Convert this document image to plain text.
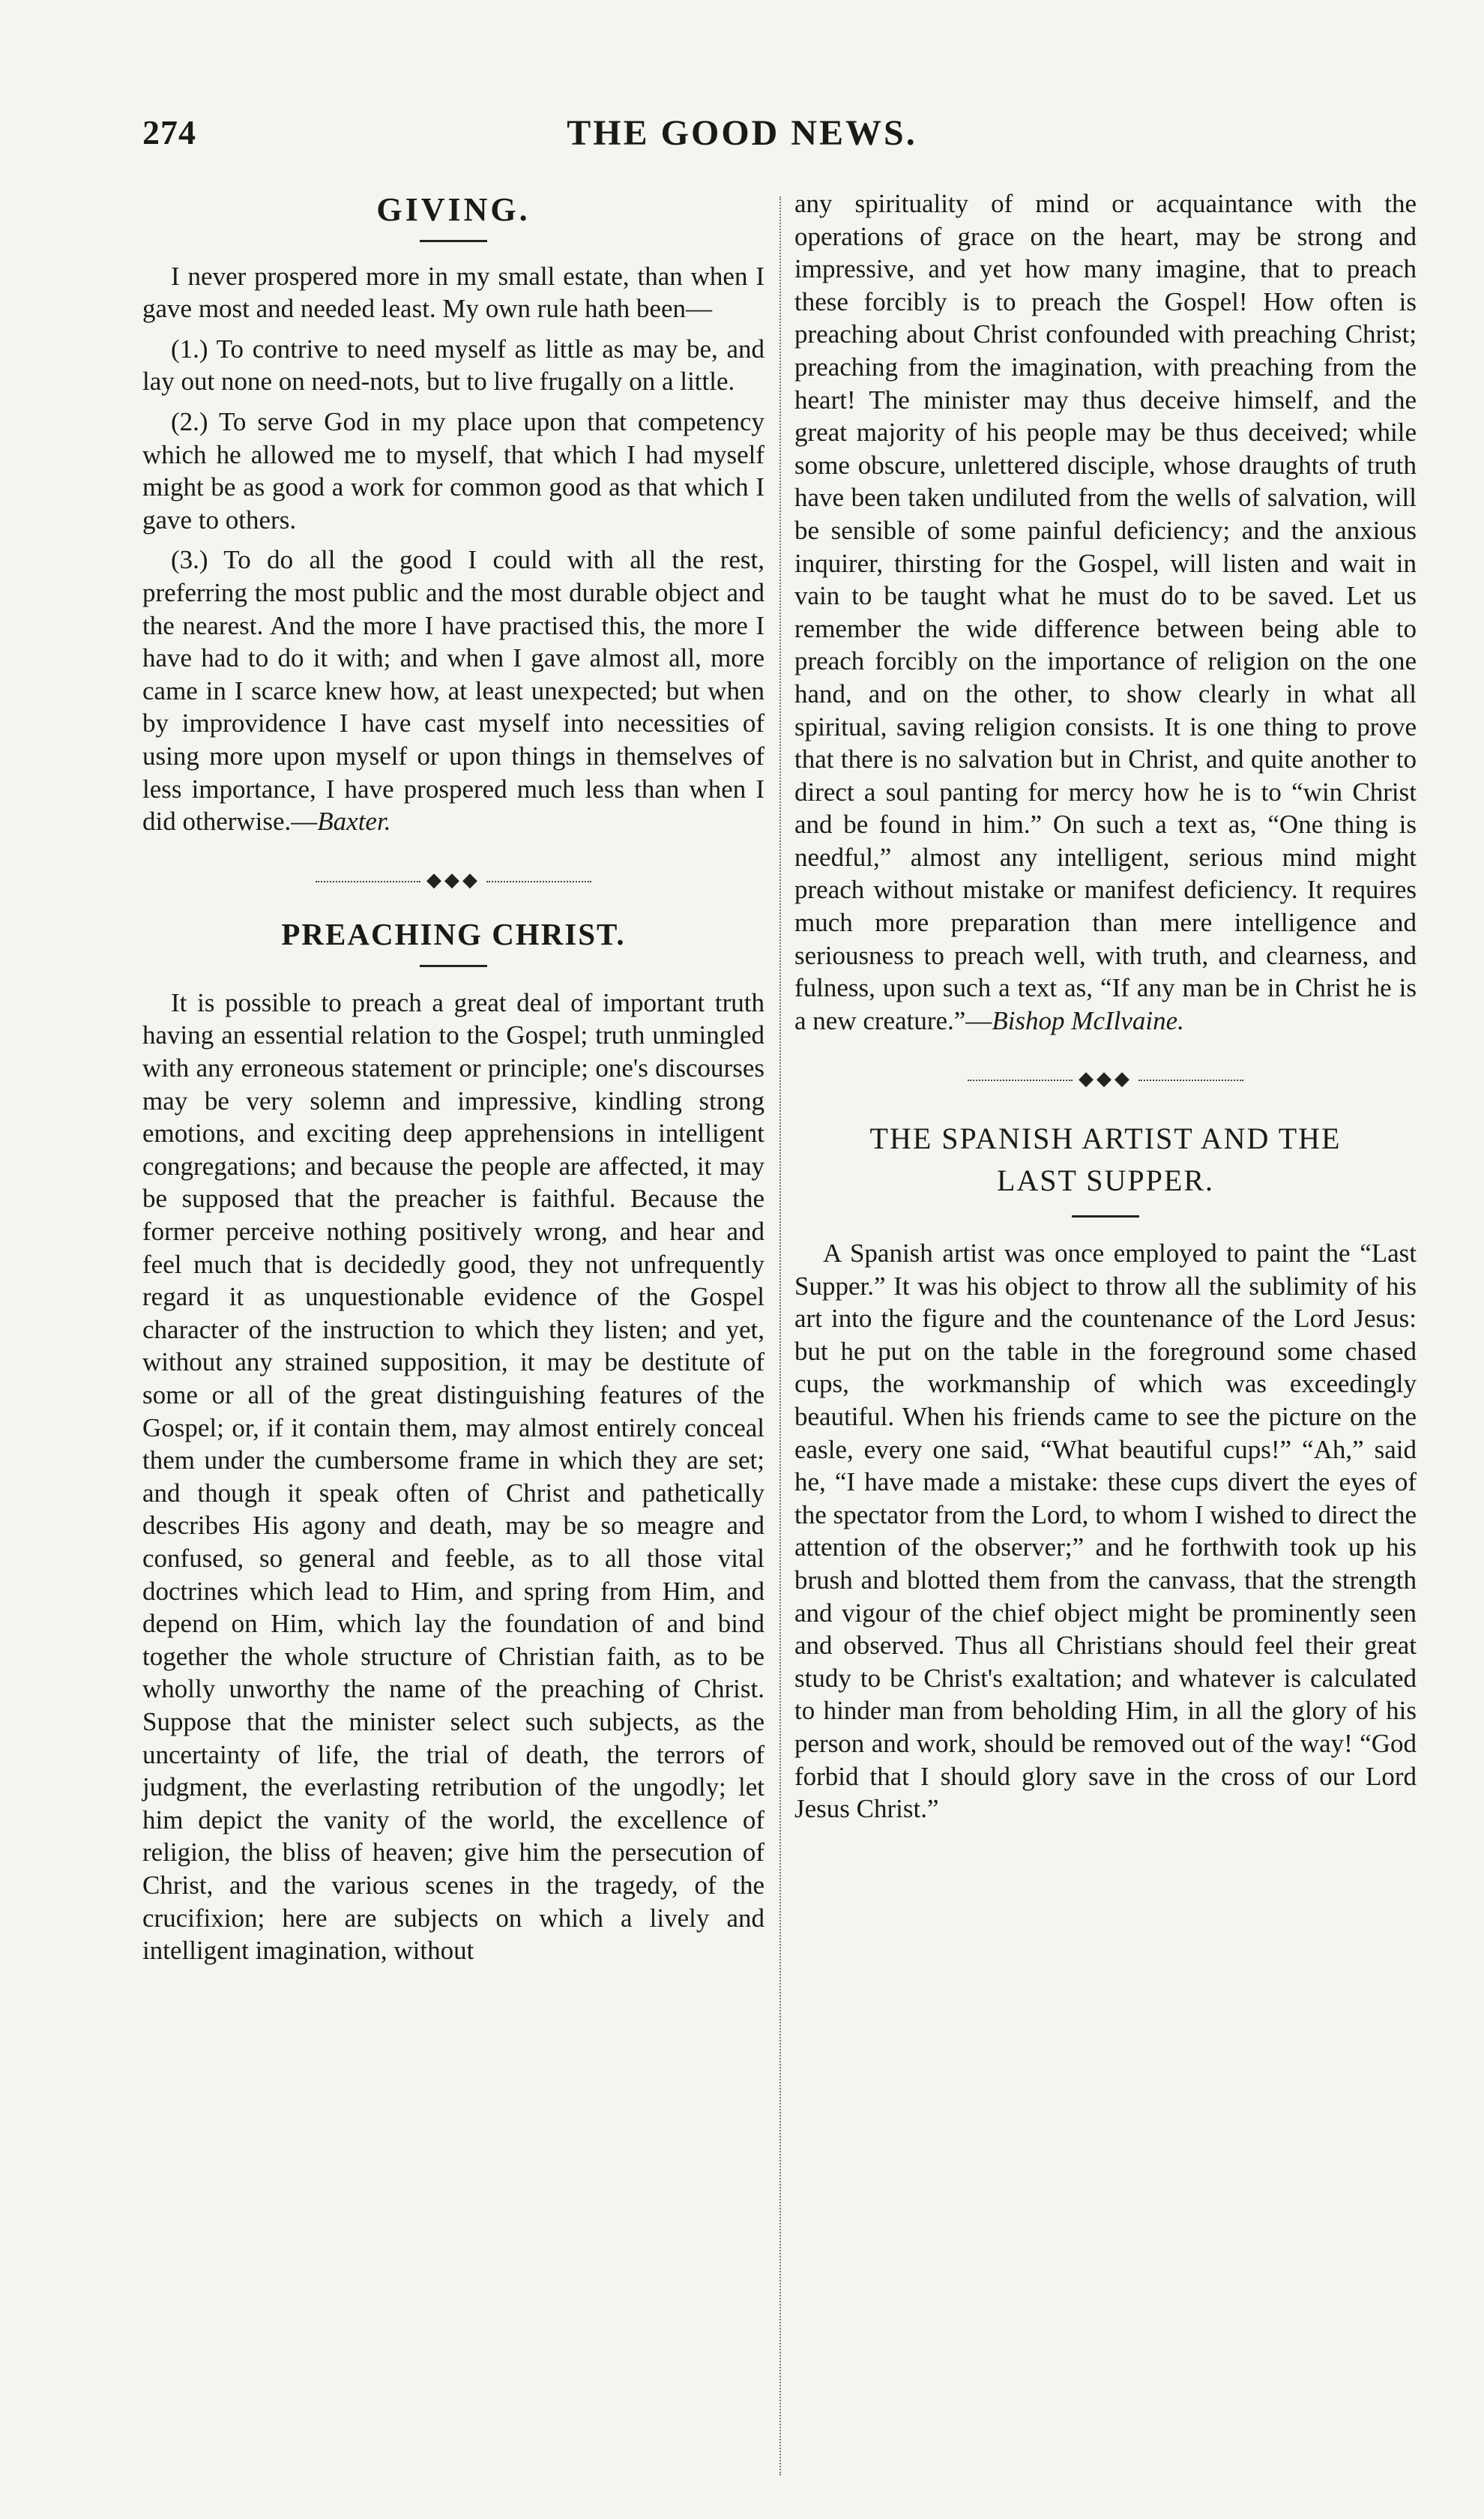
274	THE GOOD NEWS.
GIVING.

I never prospered more in my small estate, than when I gave most and needed least. My own rule hath been—

(1.) To contrive to need myself as little as may be, and lay out none on need-nots, but to live frugally on a little.

(2.) To serve God in my place upon that competency which he allowed me to myself, that which I had myself might be as good a work for common good as that which I gave to others.

(3.) To do all the good I could with all the rest, preferring the most public and the most durable object and the nearest. And the more I have practised this, the more I have had to do it with; and when I gave almost all, more came in I scarce knew how, at least unexpected; but when by improvidence I have cast myself into necessities of using more upon myself or upon things in themselves of less importance, I have prospered much less than when I did otherwise.—Baxter.

◆◆◆
PREACHING CHRIST.

It is possible to preach a great deal of important truth having an essential relation to the Gospel; truth unmingled with any erroneous statement or principle; one's discourses may be very solemn and impressive, kindling strong emotions, and exciting deep apprehensions in intelligent congregations; and because the people are affected, it may be supposed that the preacher is faithful. Because the former perceive nothing positively wrong, and hear and feel much that is decidedly good, they not unfrequently regard it as unquestionable evidence of the Gospel character of the instruction to which they listen; and yet, without any strained supposition, it may be destitute of some or all of the great distinguishing features of the Gospel; or, if it contain them, may almost entirely conceal them under the cumbersome frame in which they are set; and though it speak often of Christ and pathetically describes His agony and death, may be so meagre and confused, so general and feeble, as to all those vital doctrines which lead to Him, and spring from Him, and depend on Him, which lay the foundation of and bind together the whole structure of Christian faith, as to be wholly unworthy the name of the preaching of Christ. Suppose that the minister select such subjects, as the uncertainty of life, the trial of death, the terrors of judgment, the everlasting retribution of the ungodly; let him depict the vanity of the world, the excellence of religion, the bliss of heaven; give him the persecution of Christ, and the various scenes in the tragedy, of the crucifixion; here are subjects on which a lively and intelligent imagination, without

any spirituality of mind or acquaintance with the operations of grace on the heart, may be strong and impressive, and yet how many imagine, that to preach these forcibly is to preach the Gospel! How often is preaching about Christ confounded with preaching Christ; preaching from the imagination, with preaching from the heart! The minister may thus deceive himself, and the great majority of his people may be thus deceived; while some obscure, unlettered disciple, whose draughts of truth have been taken undiluted from the wells of salvation, will be sensible of some painful deficiency; and the anxious inquirer, thirsting for the Gospel, will listen and wait in vain to be taught what he must do to be saved. Let us remember the wide difference between being able to preach forcibly on the importance of religion on the one hand, and on the other, to show clearly in what all spiritual, saving religion consists. It is one thing to prove that there is no salvation but in Christ, and quite another to direct a soul panting for mercy how he is to “win Christ and be found in him.” On such a text as, “One thing is needful,” almost any intelligent, serious mind might preach without mistake or manifest deficiency. It requires much more preparation than mere intelligence and seriousness to preach well, with truth, and clearness, and fulness, upon such a text as, “If any man be in Christ he is a new creature.”—Bishop McIlvaine.

◆◆◆
THE SPANISH ARTIST AND THE
LAST SUPPER.

A Spanish artist was once employed to paint the “Last Supper.” It was his object to throw all the sublimity of his art into the figure and the countenance of the Lord Jesus: but he put on the table in the foreground some chased cups, the workmanship of which was exceedingly beautiful. When his friends came to see the picture on the easle, every one said, “What beautiful cups!” “Ah,” said he, “I have made a mistake: these cups divert the eyes of the spectator from the Lord, to whom I wished to direct the attention of the observer;” and he forthwith took up his brush and blotted them from the canvass, that the strength and vigour of the chief object might be prominently seen and observed. Thus all Christians should feel their great study to be Christ's exaltation; and whatever is calculated to hinder man from beholding Him, in all the glory of his person and work, should be removed out of the way! “God forbid that I should glory save in the cross of our Lord Jesus Christ.”
